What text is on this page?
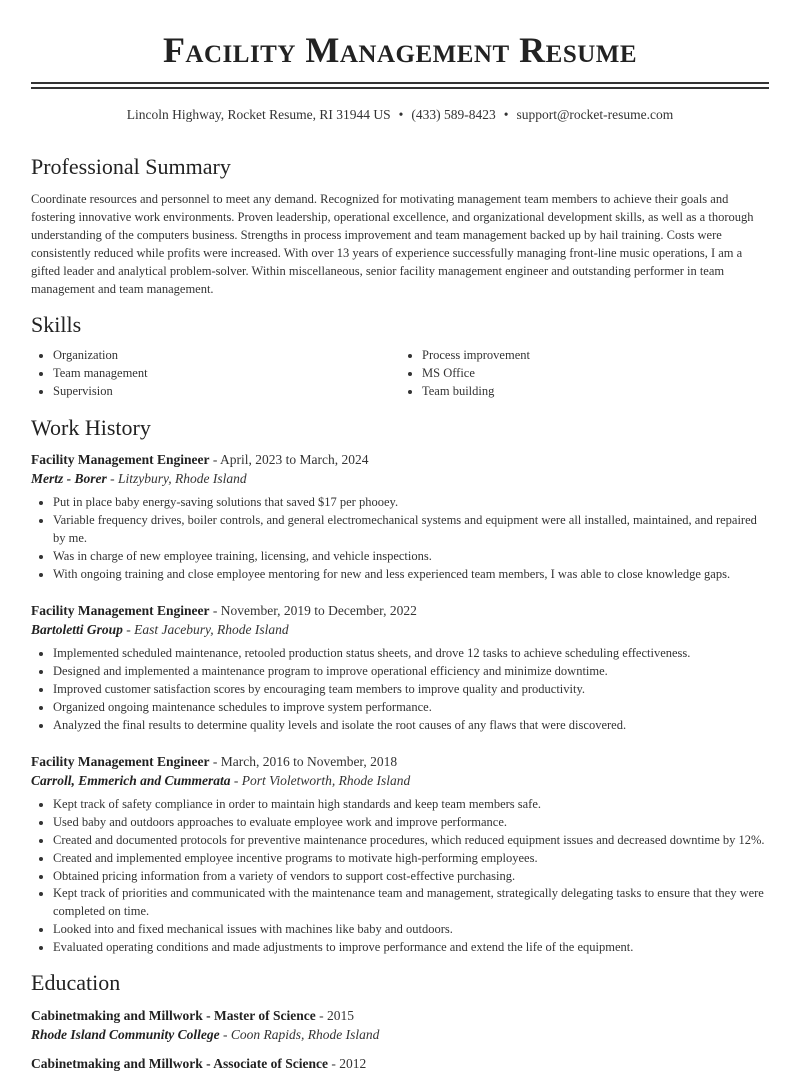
Facility Management Resume
Lincoln Highway, Rocket Resume, RI 31944 US • (433) 589-8423 • support@rocket-resume.com
Professional Summary
Coordinate resources and personnel to meet any demand. Recognized for motivating management team members to achieve their goals and fostering innovative work environments. Proven leadership, operational excellence, and organizational development skills, as well as a thorough understanding of the computers business. Strengths in process improvement and team management backed up by hail training. Costs were consistently reduced while profits were increased. With over 13 years of experience successfully managing front-line music operations, I am a gifted leader and analytical problem-solver. Within miscellaneous, senior facility management engineer and outstanding performer in team management and team management.
Skills
• Organization
• Team management
• Supervision
• Process improvement
• MS Office
• Team building
Work History
Facility Management Engineer - April, 2023 to March, 2024
Mertz - Borer - Litzybury, Rhode Island
• Put in place baby energy-saving solutions that saved $17 per phooey.
• Variable frequency drives, boiler controls, and general electromechanical systems and equipment were all installed, maintained, and repaired by me.
• Was in charge of new employee training, licensing, and vehicle inspections.
• With ongoing training and close employee mentoring for new and less experienced team members, I was able to close knowledge gaps.
Facility Management Engineer - November, 2019 to December, 2022
Bartoletti Group - East Jacebury, Rhode Island
• Implemented scheduled maintenance, retooled production status sheets, and drove 12 tasks to achieve scheduling effectiveness.
• Designed and implemented a maintenance program to improve operational efficiency and minimize downtime.
• Improved customer satisfaction scores by encouraging team members to improve quality and productivity.
• Organized ongoing maintenance schedules to improve system performance.
• Analyzed the final results to determine quality levels and isolate the root causes of any flaws that were discovered.
Facility Management Engineer - March, 2016 to November, 2018
Carroll, Emmerich and Cummerata - Port Violetworth, Rhode Island
• Kept track of safety compliance in order to maintain high standards and keep team members safe.
• Used baby and outdoors approaches to evaluate employee work and improve performance.
• Created and documented protocols for preventive maintenance procedures, which reduced equipment issues and decreased downtime by 12%.
• Created and implemented employee incentive programs to motivate high-performing employees.
• Obtained pricing information from a variety of vendors to support cost-effective purchasing.
• Kept track of priorities and communicated with the maintenance team and management, strategically delegating tasks to ensure that they were completed on time.
• Looked into and fixed mechanical issues with machines like baby and outdoors.
• Evaluated operating conditions and made adjustments to improve performance and extend the life of the equipment.
Education
Cabinetmaking and Millwork - Master of Science - 2015
Rhode Island Community College - Coon Rapids, Rhode Island
Cabinetmaking and Millwork - Associate of Science - 2012
